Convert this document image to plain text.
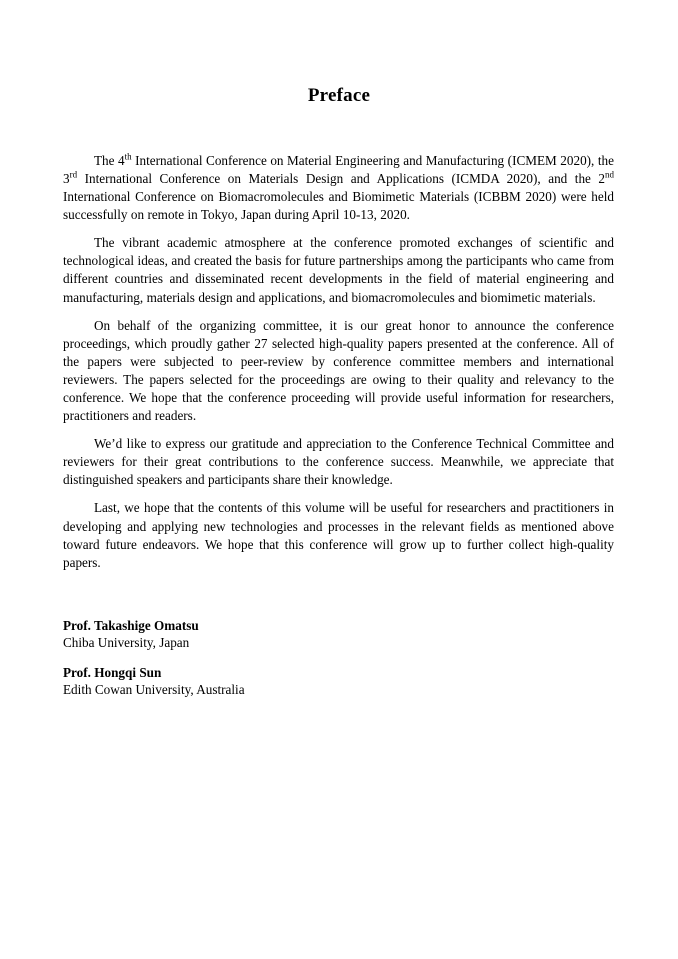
Preface

The 4th International Conference on Material Engineering and Manufacturing (ICMEM 2020), the 3rd International Conference on Materials Design and Applications (ICMDA 2020), and the 2nd International Conference on Biomacromolecules and Biomimetic Materials (ICBBM 2020) were held successfully on remote in Tokyo, Japan during April 10-13, 2020.

The vibrant academic atmosphere at the conference promoted exchanges of scientific and technological ideas, and created the basis for future partnerships among the participants who came from different countries and disseminated recent developments in the field of material engineering and manufacturing, materials design and applications, and biomacromolecules and biomimetic materials.

On behalf of the organizing committee, it is our great honor to announce the conference proceedings, which proudly gather 27 selected high-quality papers presented at the conference. All of the papers were subjected to peer-review by conference committee members and international reviewers. The papers selected for the proceedings are owing to their quality and relevancy to the conference. We hope that the conference proceeding will provide useful information for researchers, practitioners and readers.

We’d like to express our gratitude and appreciation to the Conference Technical Committee and reviewers for their great contributions to the conference success. Meanwhile, we appreciate that distinguished speakers and participants share their knowledge.

Last, we hope that the contents of this volume will be useful for researchers and practitioners in developing and applying new technologies and processes in the relevant fields as mentioned above toward future endeavors. We hope that this conference will grow up to further collect high-quality papers.

Prof. Takashige Omatsu
Chiba University, Japan
Prof. Hongqi Sun
Edith Cowan University, Australia
